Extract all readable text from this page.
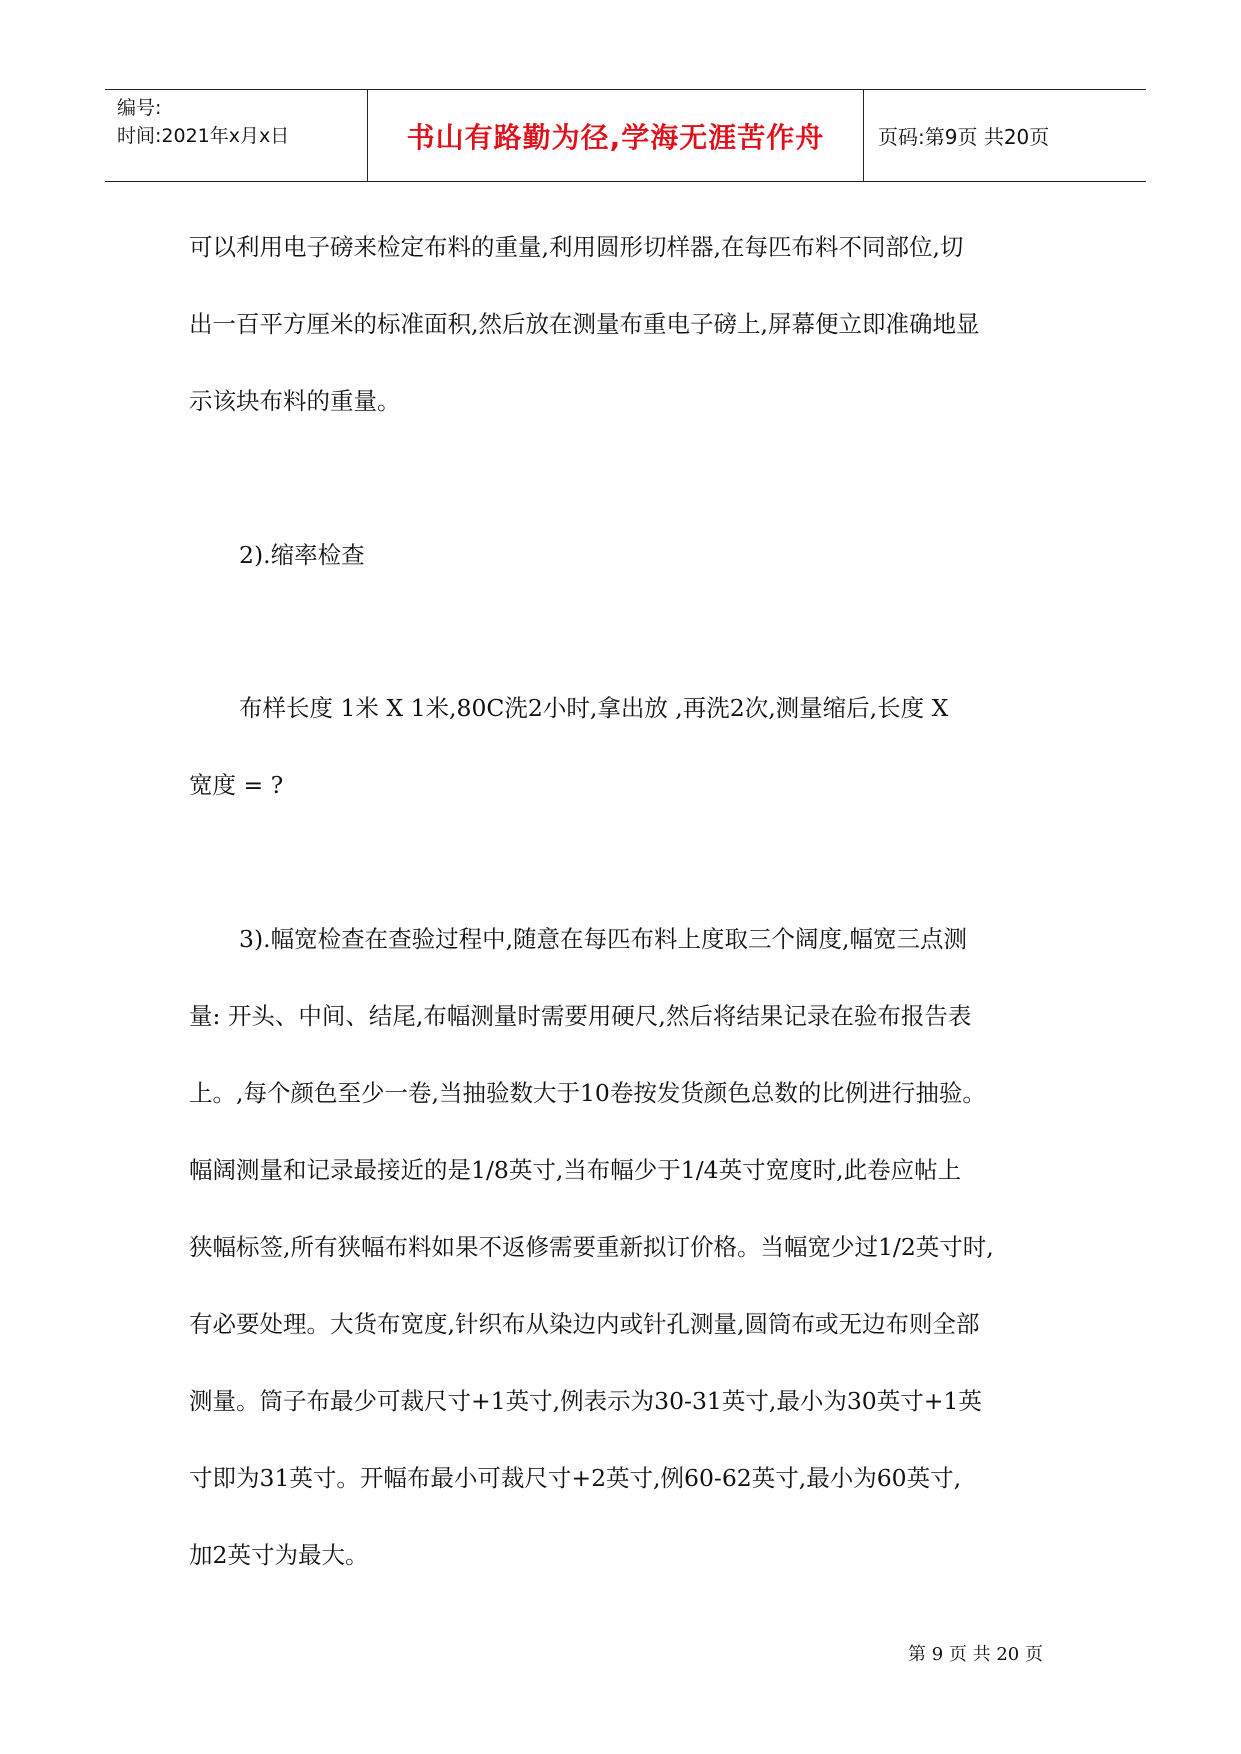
编号:
时间:2021年x月x日	书山有路勤为径,学海无涯苦作舟	页码:第9页 共20页
可以利用电子磅来检定布料的重量,利用圆形切样器,在每匹布料不同部位,切
出一百平方厘米的标准面积,然后放在测量布重电子磅上,屏幕便立即准确地显
示该块布料的重量。
2).缩率检查
布样长度 1米 X 1米,80C洗2小时,拿出放 ,再洗2次,测量缩后,长度 X
宽度 = ?
3).幅宽检查在查验过程中,随意在每匹布料上度取三个阔度,幅宽三点测
量: 开头、中间、结尾,布幅测量时需要用硬尺,然后将结果记录在验布报告表
上。,每个颜色至少一卷,当抽验数大于10卷按发货颜色总数的比例进行抽验。
幅阔测量和记录最接近的是1/8英寸,当布幅少于1/4英寸宽度时,此卷应帖上
狭幅标签,所有狭幅布料如果不返修需要重新拟订价格。当幅宽少过1/2英寸时,
有必要处理。大货布宽度,针织布从染边内或针孔测量,圆筒布或无边布则全部
测量。筒子布最少可裁尺寸+1英寸,例表示为30-31英寸,最小为30英寸+1英
寸即为31英寸。开幅布最小可裁尺寸+2英寸,例60-62英寸,最小为60英寸,
加2英寸为最大。
第 9 页 共 20 页
